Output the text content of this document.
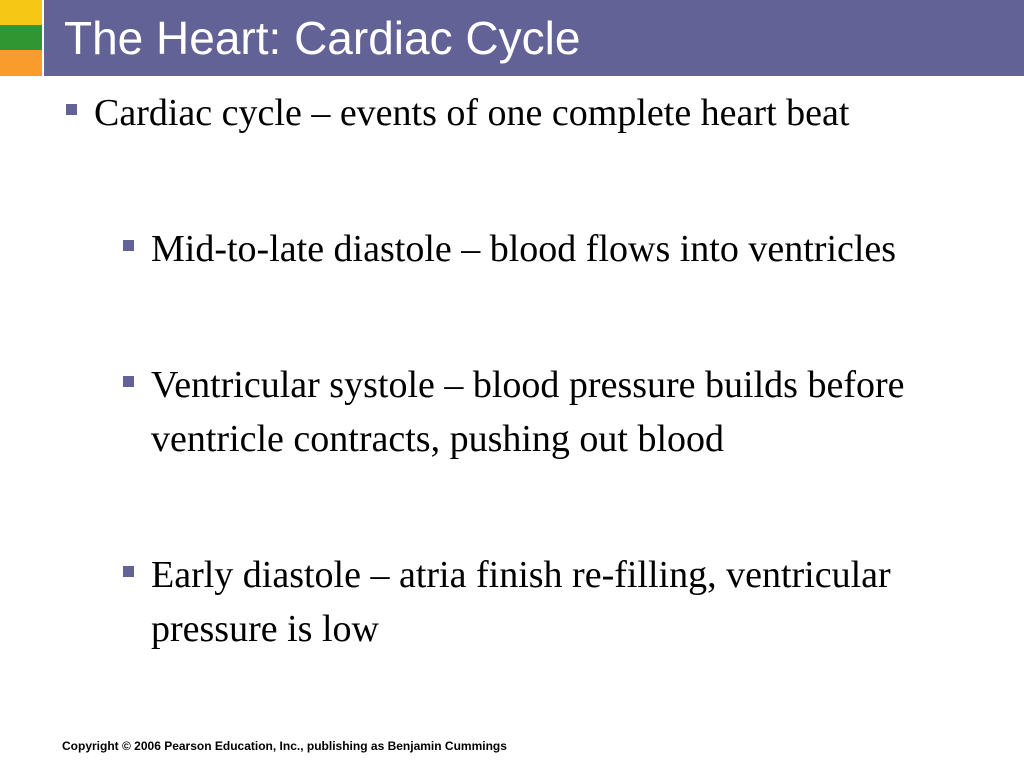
The Heart: Cardiac Cycle
Cardiac cycle – events of one complete heart beat
Mid-to-late diastole – blood flows into ventricles
Ventricular systole – blood pressure builds before ventricle contracts, pushing out blood
Early diastole – atria finish re-filling, ventricular pressure is low
Copyright © 2006 Pearson Education, Inc., publishing as Benjamin Cummings
